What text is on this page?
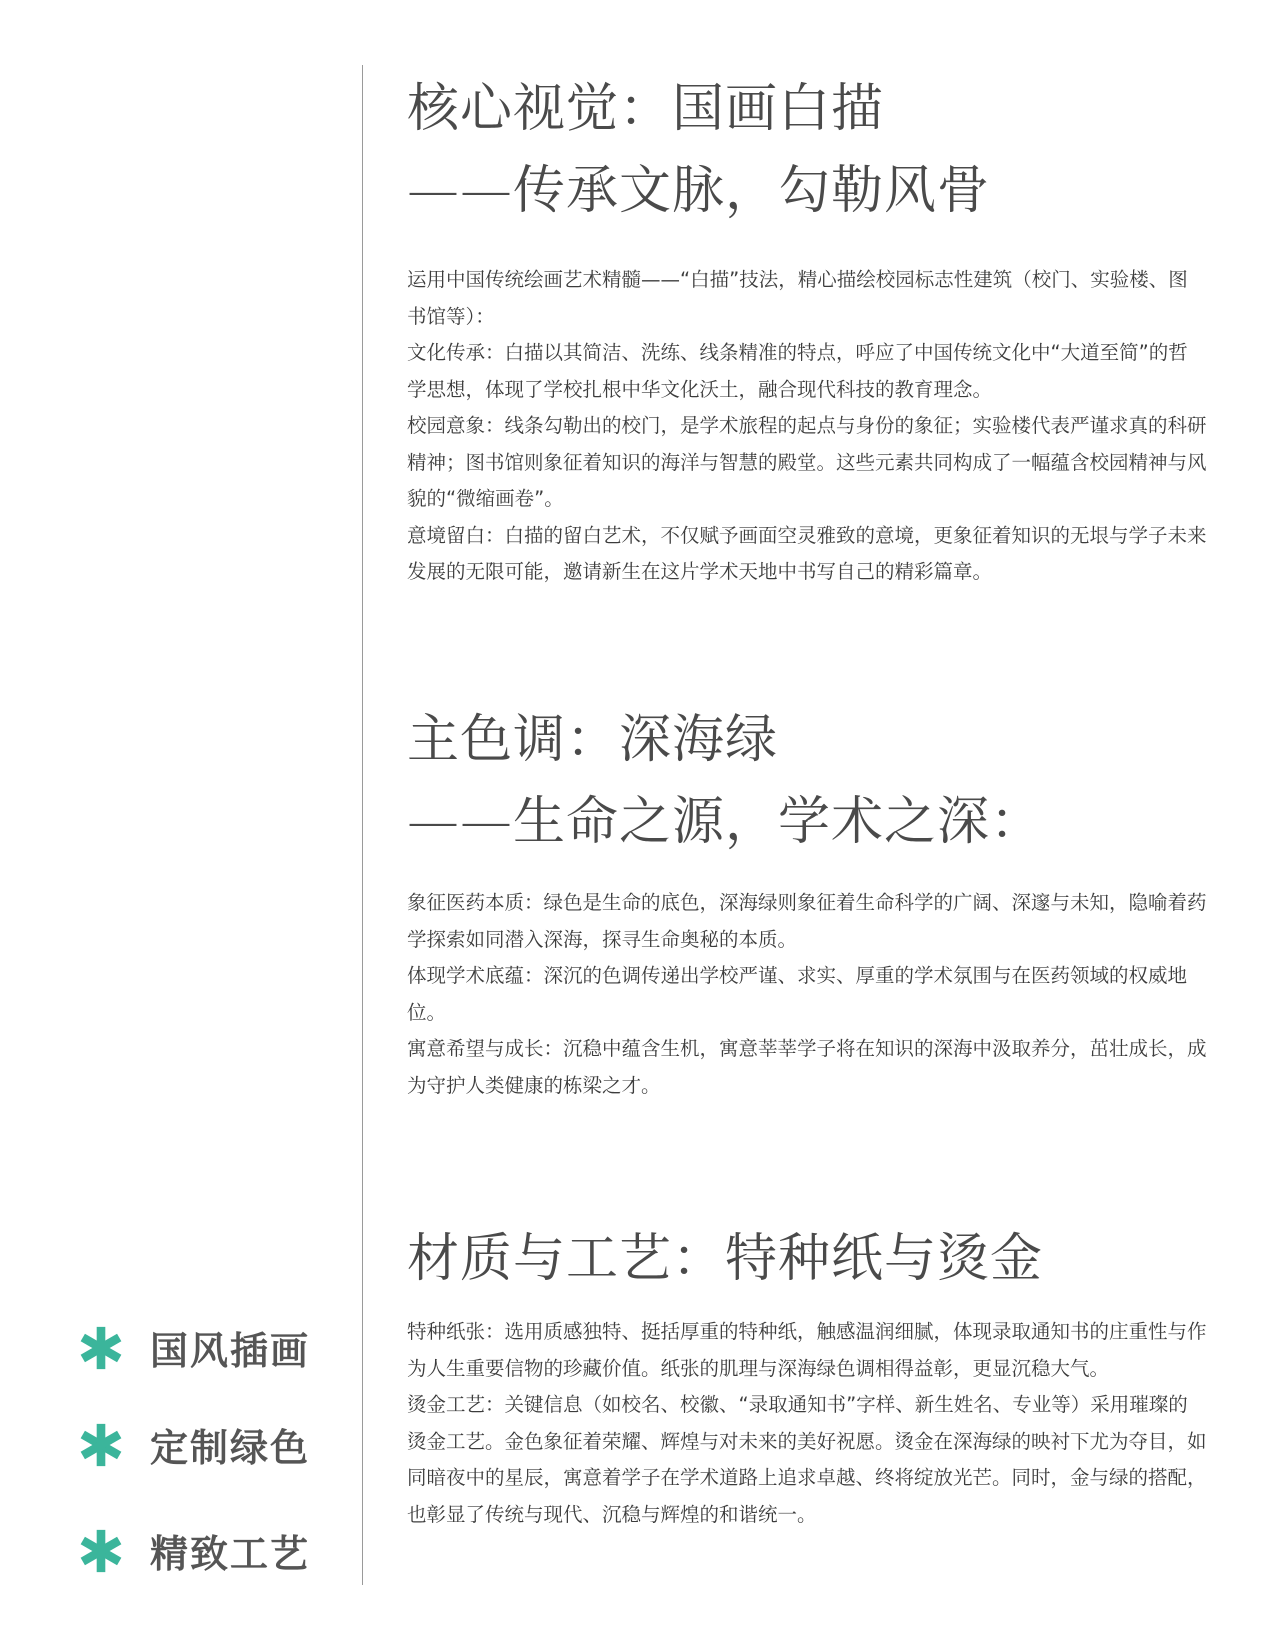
核心视觉：国画白描
——传承文脉，勾勒风骨

运用中国传统绘画艺术精髓——“白描”技法，精心描绘校园标志性建筑（校门、实验楼、图书馆等）：

文化传承：白描以其简洁、洗练、线条精准的特点，呼应了中国传统文化中“大道至简”的哲学思想，体现了学校扎根中华文化沃土，融合现代科技的教育理念。

校园意象：线条勾勒出的校门，是学术旅程的起点与身份的象征；实验楼代表严谨求真的科研精神；图书馆则象征着知识的海洋与智慧的殿堂。这些元素共同构成了一幅蕴含校园精神与风貌的“微缩画卷”。

意境留白：白描的留白艺术，不仅赋予画面空灵雅致的意境，更象征着知识的无垠与学子未来发展的无限可能，邀请新生在这片学术天地中书写自己的精彩篇章。

主色调：深海绿
——生命之源，学术之深：

象征医药本质：绿色是生命的底色，深海绿则象征着生命科学的广阔、深邃与未知，隐喻着药学探索如同潜入深海，探寻生命奥秘的本质。

体现学术底蕴：深沉的色调传递出学校严谨、求实、厚重的学术氛围与在医药领域的权威地位。

寓意希望与成长：沉稳中蕴含生机，寓意莘莘学子将在知识的深海中汲取养分，茁壮成长，成为守护人类健康的栋梁之才。

材质与工艺：特种纸与烫金

特种纸张：选用质感独特、挺括厚重的特种纸，触感温润细腻，体现录取通知书的庄重性与作为人生重要信物的珍藏价值。纸张的肌理与深海绿色调相得益彰，更显沉稳大气。

烫金工艺：关键信息（如校名、校徽、“录取通知书”字样、新生姓名、专业等）采用璀璨的烫金工艺。金色象征着荣耀、辉煌与对未来的美好祝愿。烫金在深海绿的映衬下尤为夺目，如同暗夜中的星辰，寓意着学子在学术道路上追求卓越、终将绽放光芒。同时，金与绿的搭配，也彰显了传统与现代、沉稳与辉煌的和谐统一。

国风插画
定制绿色
精致工艺
